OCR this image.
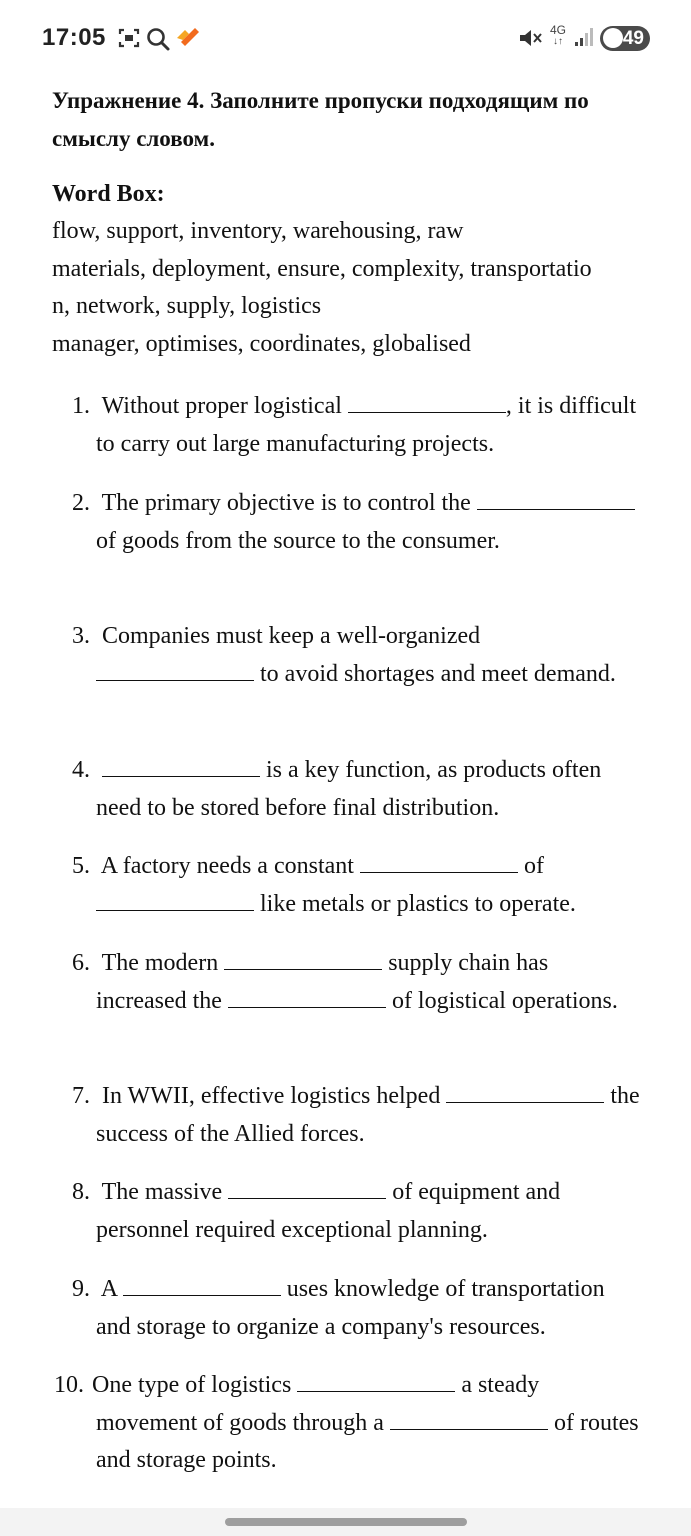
17:05	4G
↓↑	49

Упражнение 4. Заполните пропуски подходящим по смыслу словом.

Word Box:

flow, support, inventory, warehousing, raw

materials, deployment, ensure, complexity, transportatio

n, network, supply, logistics

manager, optimises, coordinates, globalised

1. Without proper logistical	, it is difficult to carry out large manufacturing projects.
2. The primary objective is to control the  of goods from the source to the consumer.
3. Companies must keep a well-organized  to avoid shortages and meet demand.
4.	is a key function, as products often need to be stored before final distribution.
5. A factory needs a constant	of  like metals or plastics to operate.
6. The modern	supply chain has increased the	of logistical operations.
7. In WWII, effective logistics helped	the success of the Allied forces.
8. The massive	of equipment and personnel required exceptional planning.
9. A	uses knowledge of transportation and storage to organize a company's resources.
10. One type of logistics	a steady movement of goods through a	of routes and storage points.
